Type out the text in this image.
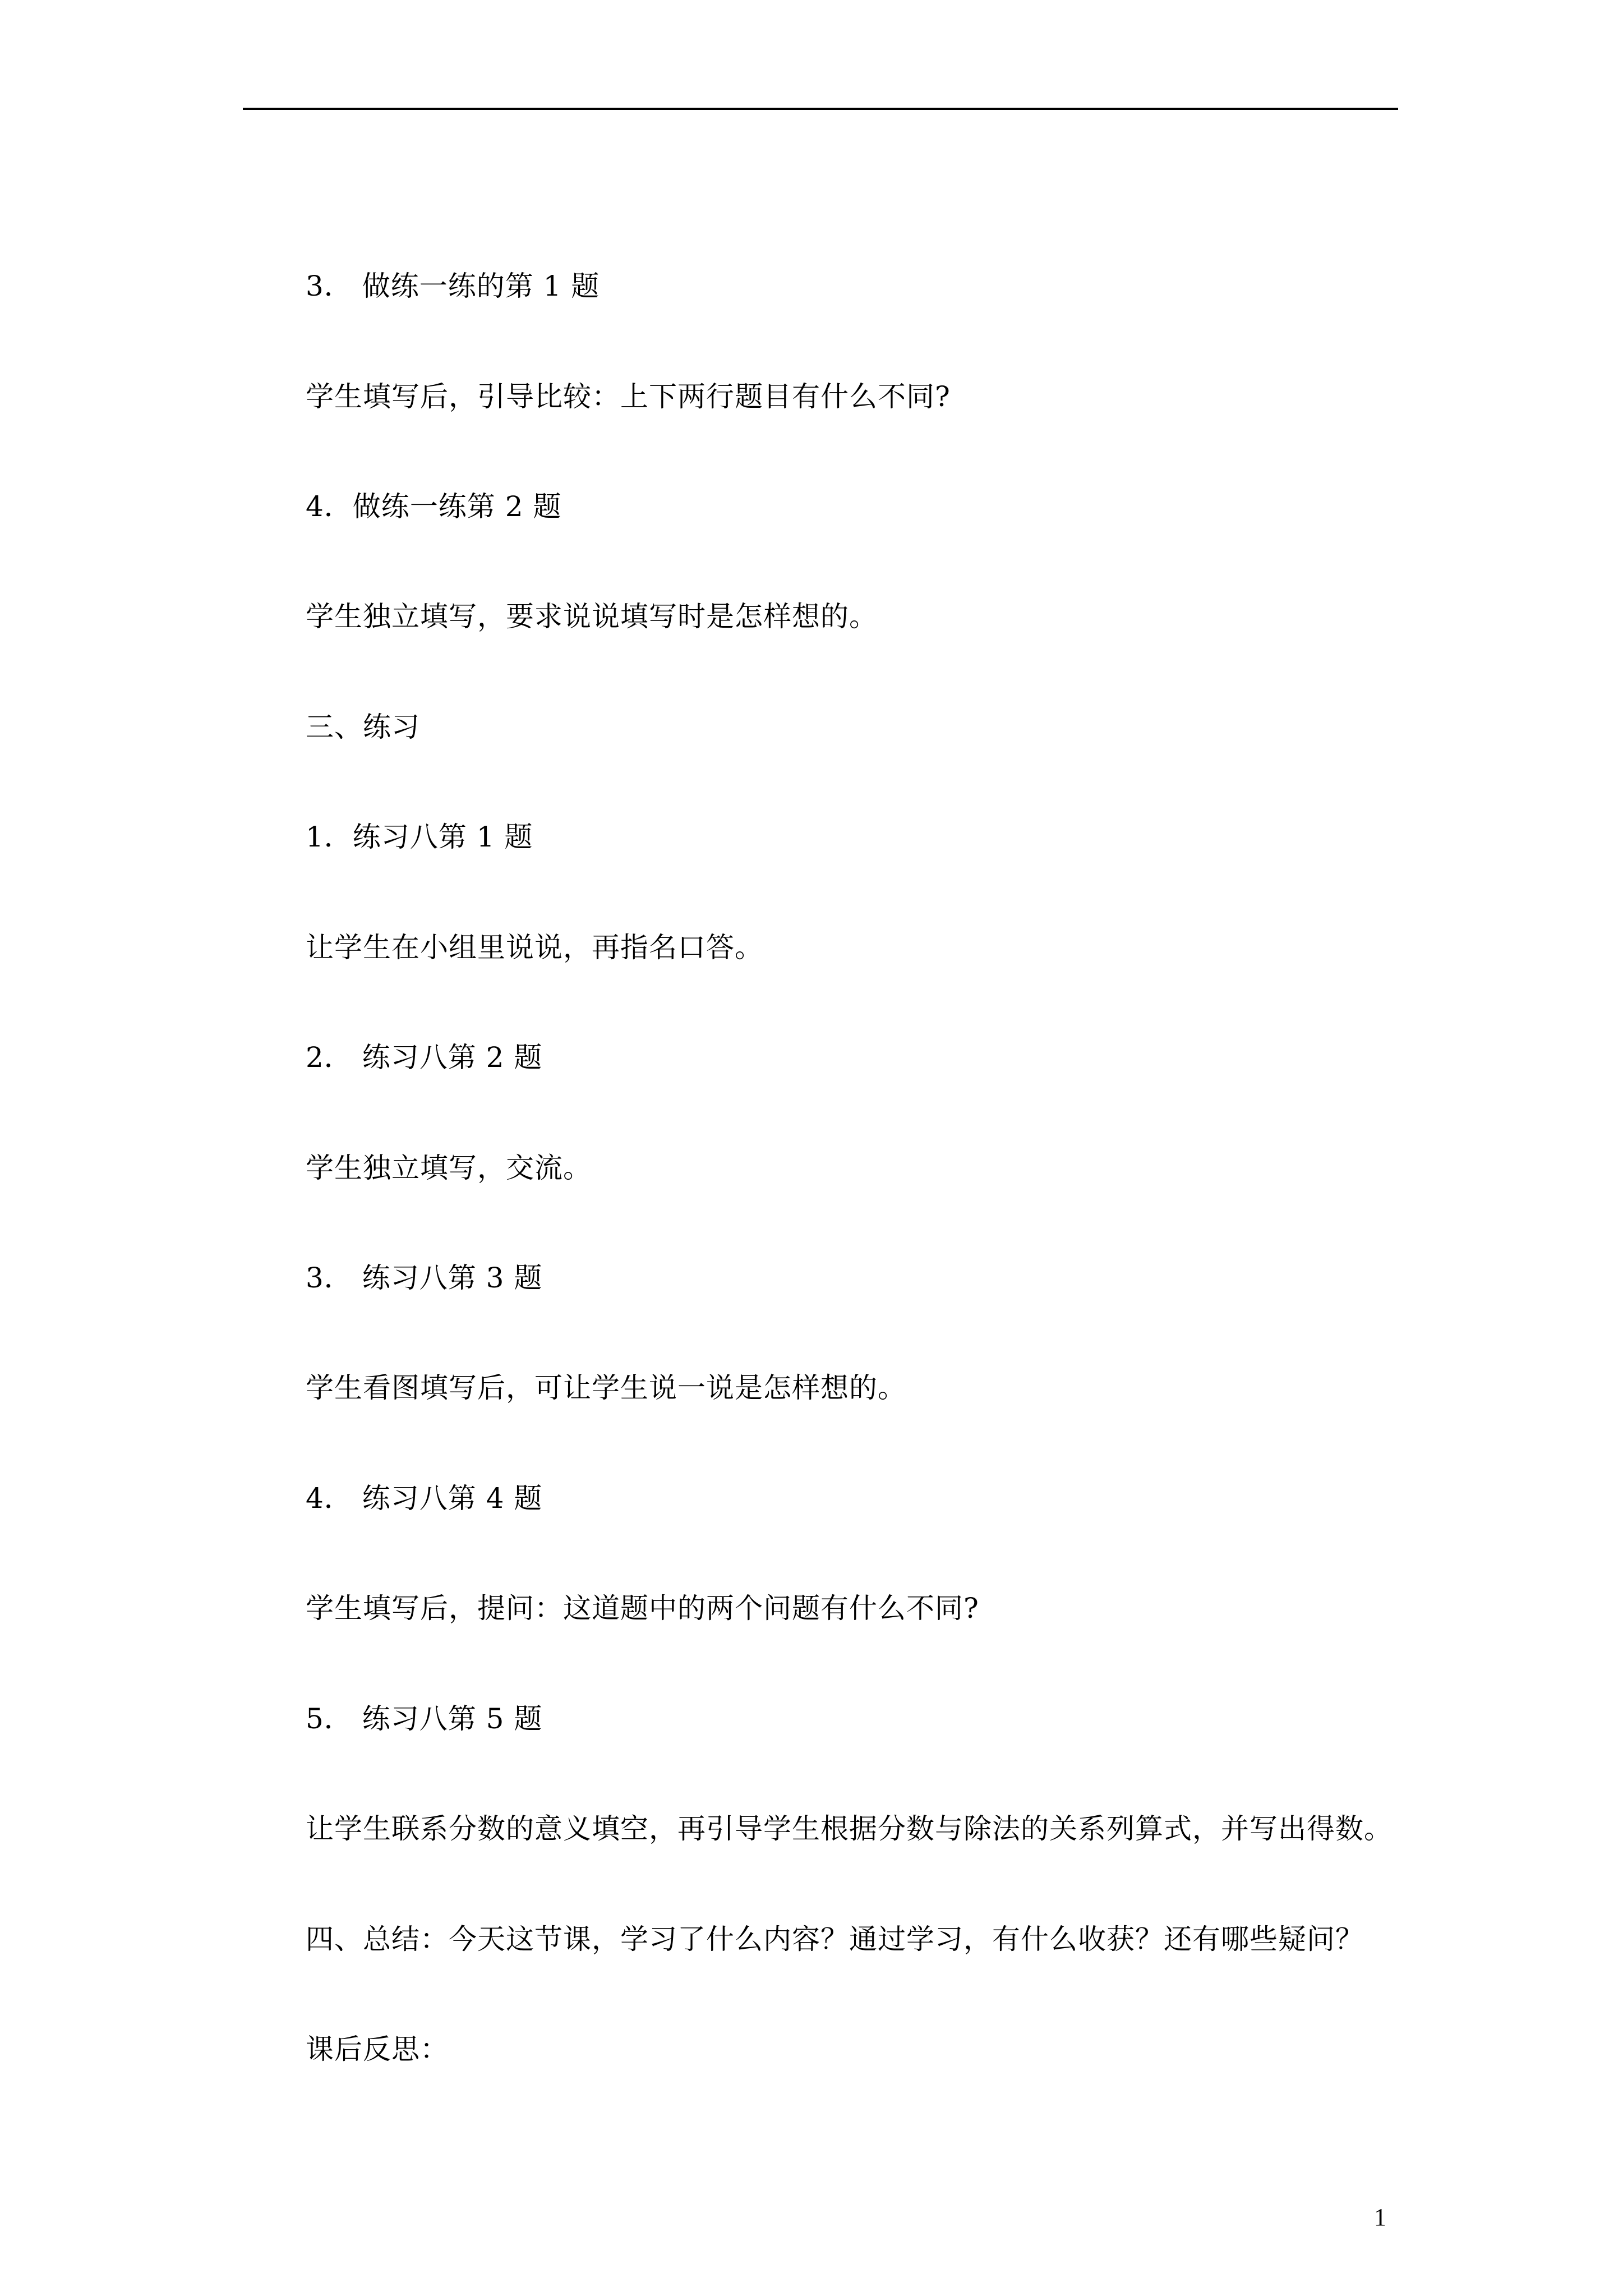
3． 做练一练的第 1 题
学生填写后，引导比较：上下两行题目有什么不同?
4．做练一练第 2 题
学生独立填写，要求说说填写时是怎样想的。
三、练习
1．练习八第 1 题
让学生在小组里说说，再指名口答。
2． 练习八第 2 题
学生独立填写，交流。
3． 练习八第 3 题
学生看图填写后，可让学生说一说是怎样想的。
4． 练习八第 4 题
学生填写后，提问：这道题中的两个问题有什么不同?
5． 练习八第 5 题
让学生联系分数的意义填空，再引导学生根据分数与除法的关系列算式，并写出得数。
四、总结：今天这节课，学习了什么内容？通过学习，有什么收获？还有哪些疑问？
课后反思：
1
